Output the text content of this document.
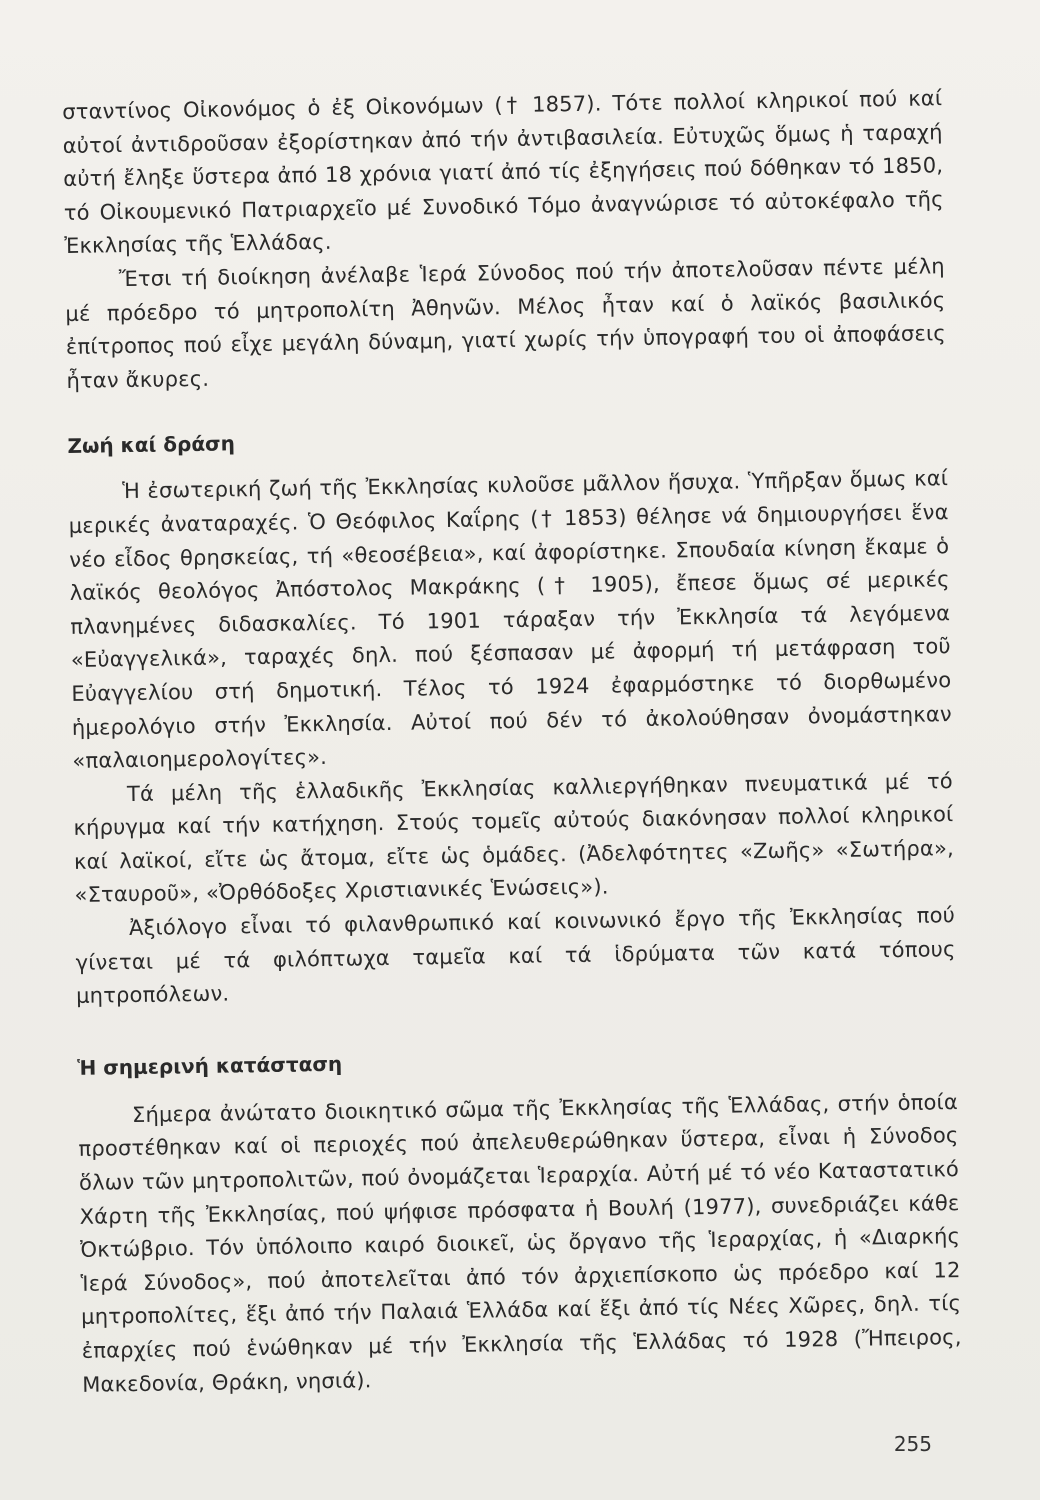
σταντίνος Οἰκονόμος ὁ ἐξ Οἰκονόμων († 1857). Τότε πολλοί κληρικοί πού καί αὐτοί ἀντιδροῦσαν ἐξορίστηκαν ἀπό τήν ἀντιβασιλεία. Εὐτυχῶς ὅμως ἡ ταραχή αὐτή ἔληξε ὕστερα ἀπό 18 χρόνια γιατί ἀπό τίς ἐξηγήσεις πού δόθηκαν τό 1850, τό Οἰκουμενικό Πατριαρχεῖο μέ Συνοδικό Τόμο ἀναγνώρισε τό αὐτοκέφαλο τῆς Ἐκκλησίας τῆς Ἑλλάδας.

Ἔτσι τή διοίκηση ἀνέλαβε Ἱερά Σύνοδος πού τήν ἀποτελοῦσαν πέντε μέλη μέ πρόεδρο τό μητροπολίτη Ἀθηνῶν. Μέλος ἦταν καί ὁ λαϊκός βασιλικός ἐπίτροπος πού εἶχε μεγάλη δύναμη, γιατί χωρίς τήν ὑπογραφή του οἱ ἀποφάσεις ἦταν ἄκυρες.

Ζωή καί δράση

Ἡ ἐσωτερική ζωή τῆς Ἐκκλησίας κυλοῦσε μᾶλλον ἥσυχα. Ὑπῆρξαν ὅμως καί μερικές ἀναταραχές. Ὁ Θεόφιλος Καΐρης († 1853) θέλησε νά δημιουργήσει ἕνα νέο εἶδος θρησκείας, τή «θεοσέβεια», καί ἀφορίστηκε. Σπουδαία κίνηση ἔκαμε ὁ λαϊκός θεολόγος Ἀπόστολος Μακράκης († 1905), ἔπεσε ὅμως σέ μερικές πλανημένες διδασκαλίες. Τό 1901 τάραξαν τήν Ἐκκλησία τά λεγόμενα «Εὐαγγελικά», ταραχές δηλ. πού ξέσπασαν μέ ἀφορμή τή μετάφραση τοῦ Εὐαγγελίου στή δημοτική. Τέλος τό 1924 ἐφαρμόστηκε τό διορθωμένο ἡμερολόγιο στήν Ἐκκλησία. Αὐτοί πού δέν τό ἀκολούθησαν ὀνομάστηκαν «παλαιοημερολογίτες».

Τά μέλη τῆς ἑλλαδικῆς Ἐκκλησίας καλλιεργήθηκαν πνευματικά μέ τό κήρυγμα καί τήν κατήχηση. Στούς τομεῖς αὐτούς διακόνησαν πολλοί κληρικοί καί λαϊκοί, εἴτε ὡς ἄτομα, εἴτε ὡς ὁμάδες. (Ἀδελφότητες «Ζωῆς» «Σωτήρα», «Σταυροῦ», «Ὀρθόδοξες Χριστιανικές Ἑνώσεις»).

Ἀξιόλογο εἶναι τό φιλανθρωπικό καί κοινωνικό ἔργο τῆς Ἐκκλησίας πού γίνεται μέ τά φιλόπτωχα ταμεῖα καί τά ἱδρύματα τῶν κατά τόπους μητροπόλεων.

Ἡ σημερινή κατάσταση

Σήμερα ἀνώτατο διοικητικό σῶμα τῆς Ἐκκλησίας τῆς Ἑλλάδας, στήν ὁποία προστέθηκαν καί οἱ περιοχές πού ἀπελευθερώθηκαν ὕστερα, εἶναι ἡ Σύνοδος ὅλων τῶν μητροπολιτῶν, πού ὀνομάζεται Ἱεραρχία. Αὐτή μέ τό νέο Καταστατικό Χάρτη τῆς Ἐκκλησίας, πού ψήφισε πρόσφατα ἡ Βουλή (1977), συνεδριάζει κάθε Ὀκτώβριο. Τόν ὑπόλοιπο καιρό διοικεῖ, ὡς ὄργανο τῆς Ἱεραρχίας, ἡ «Διαρκής Ἱερά Σύνοδος», πού ἀποτελεῖται ἀπό τόν ἀρχιεπίσκοπο ὡς πρόεδρο καί 12 μητροπολίτες, ἕξι ἀπό τήν Παλαιά Ἑλλάδα καί ἕξι ἀπό τίς Νέες Χῶρες, δηλ. τίς ἐπαρχίες πού ἑνώθηκαν μέ τήν Ἐκκλησία τῆς Ἑλλάδας τό 1928 (Ἤπειρος, Μακεδονία, Θράκη, νησιά).

255
